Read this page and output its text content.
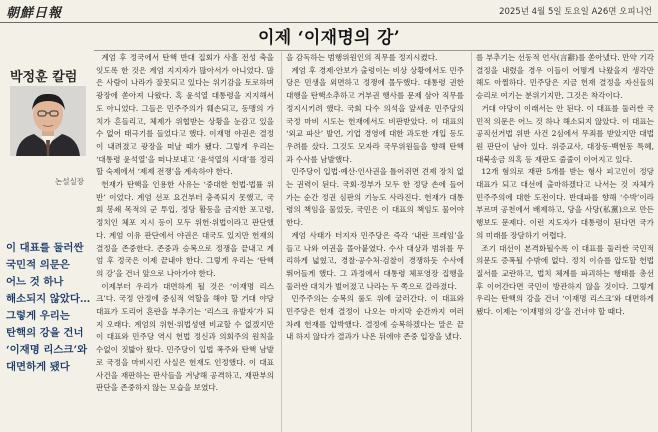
朝鮮日報	2025년 4월 5일 토요일 A26면 오피니언
이제 ‘이재명의 강’
박정훈 칼럼
논설실장
이 대표를 둘러싼
국민적 의문은
어느 것 하나
해소되지 않았다…
그렇게 우리는
탄핵의 강을 건너
‘이재명 리스크’와
대면하게 됐다

계엄 후 정국에서 탄핵 반대 집회가 사흘 전성 축을 잇도록 한 것은 계엄 지지자가 많아서가 아니었다. 많은 사람이 나라가 잘못되고 있다는 위기감을 토로하며 광장에 쏟아져 나왔다. 혹 윤석열 대통령을 지지해서도 아니었다. 그들은 민주주의가 훼손되고, 동맹의 가치가 흔들리고, 체제가 위협받는 상황을 눈감고 있을 수 없어 태극기를 들었다고 했다. 이재명 야권은 결정이 내려졌고 광장을 떠날 때가 됐다. 그렇게 우리는 ‘대통령 윤석열’을 떠나보내고 ‘윤석열의 시대’를 정리할 숙제에서 ‘제제 전쟁’을 계속하야 한다.

헌재가 탄핵을 인용한 사유는 ‘중대한 헌법·법률 위반’ 이었다. 계엄 선포 요건부터 충족되지 못했고, 국회 봉쇄 목적의 군 투입, 정당 활동을 금지한 포고령, 정치인 체포 지시 등이 모두 위헌·위법이라고 판단했다. 계엄 이유 판단에서 야권은 대국도 있지만 헌재의 결정을 존중한다. 존중과 승복으로 정쟁을 끝내고 계엄 후 정국은 이제 끝내야 한다. 그렇게 우리는 ‘탄핵의 강’을 건너 앞으로 나아가야 한다.

이제부터 우리가 대면하게 될 것은 ‘이재명 리스크’다. 국정 안정에 중심적 역할을 해야 할 거대 야당 대표가 도리어 혼란을 부추기는 ‘리스크 유발자’가 되지 오래다. 계엄의 위헌·위법성엔 비교할 수 없겠지만 이 대표와 민주당 역시 헌법 정신과 의회주의 원칙을 수없이 짓밟아 왔다. 민주당이 입법 폭주와 탄핵 남발로 국정을 마비시킨 사실은 헌재도 인정했다. 이 대표 사건을 재판하는 판사들을 겨냥해 공격하고, 재판부의 판단을 존중하지 않는 모습을 보였다.

을 감독하는 범행위원인의 직무를 정지시켰다.

계엄 후 경제·안보가 출렁이는 비상 상황에서도 민주당은 민생을 외면하고 정쟁에 몰두했다. 대통령 권한대행을 탄핵소추하고 거부권 행사를 문제 삼아 직무를 정지시키려 했다. 국회 다수 의석을 앞세운 민주당의 국정 마비 시도는 헌재에서도 비판받았다. 이 대표의 ‘외교 파산’ 발언, 기업 경영에 대한 과도한 개입 등도 우려를 샀다. 그것도 모자라 국무위원들을 향해 탄핵과 수사를 남발했다.

민주당이 입법·예산·인사권을 틀어쥐면 견제 장치 없는 권력이 된다. 국회·정부가 모두 한 정당 손에 들어가는 순간 정권 심판의 기능도 사라진다. 헌재가 대통령의 책임을 물었듯, 국민은 이 대표의 책임도 물어야 한다.

계엄 사태가 터지자 민주당은 즉각 ‘내란 프레임’을 들고 나와 여권을 몰아붙였다. 수사 대상과 범위를 무리하게 넓혔고, 경찰·공수처·검찰이 경쟁하듯 수사에 뛰어들게 했다. 그 과정에서 대통령 체포영장 집행을 둘러싼 대치가 벌어졌고 나라는 두 쪽으로 갈라졌다.

민주주의는 승복의 룰도 위에 굴러간다. 이 대표와 민주당은 헌재 결정이 나오는 마지막 순간까지 여러 차례 헌재를 압박했다. 결정에 승복하겠다는 말은 끝내 하지 않다가 결과가 나온 뒤에야 존중 입장을 냈다.

를 부추기는 선동적 언사(言辭)를 쏟아냈다. 만약 기각 결정을 내렸을 경우 이들이 어떻게 나왔을지 생각만 해도 아찔하다. 민주당은 지금 헌재 결정을 자신들의 승리로 여기는 분위기지만, 그것은 착각이다.

거대 야당이 이래서는 안 된다. 이 대표를 둘러싼 국민적 의문은 어느 것 하나 해소되지 않았다. 이 대표는 공직선거법 위반 사건 2심에서 무죄를 받았지만 대법원 판단이 남아 있다. 위증교사, 대장동·백현동 특혜, 대북송금 의혹 등 재판도 줄줄이 이어지고 있다.

12개 혐의로 재판 5개를 받는 형사 피고인이 정당 대표가 되고 대선에 출마하겠다고 나서는 것 자체가 민주주의에 대한 도전이다. 반대파를 향해 ‘수박’이라 부르며 공천에서 배제하고, 당을 사당(私黨)으로 만든 행보도 문제다. 이런 지도자가 대통령이 된다면 국가의 미래를 장담하기 어렵다.

조기 대선이 본격화될수록 이 대표를 둘러싼 국민적 의문도 증폭될 수밖에 없다. 정치 이슈를 압도할 헌법 질서를 교란하고, 법치 체계를 파괴하는 행태를 총선 후 이어간다면 국민이 방관하지 않을 것이다. 그렇게 우리는 탄핵의 강을 건너 ‘이재명 리스크’와 대면하게 됐다. 이제는 ‘이재명의 강’을 건너야 할 때다.
